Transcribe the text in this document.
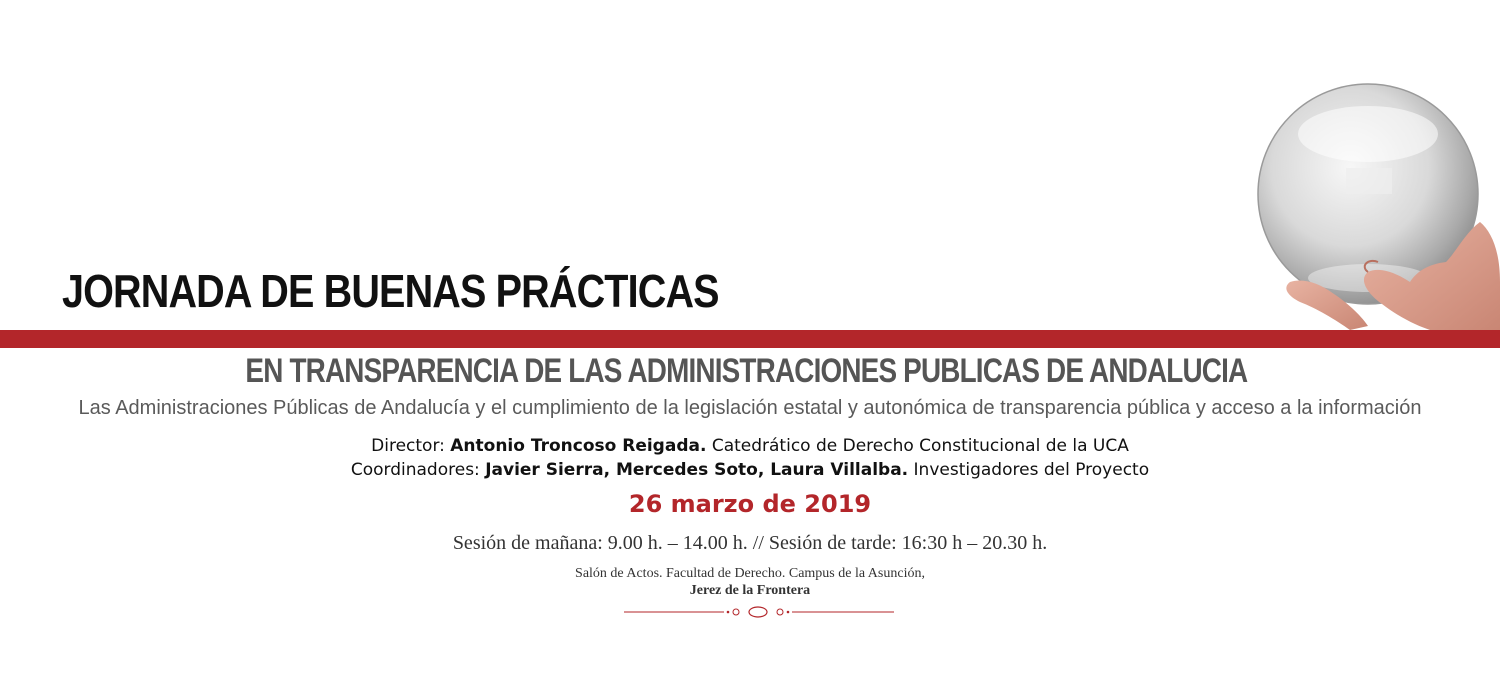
JORNADA DE BUENAS PRÁCTICAS
EN TRANSPARENCIA DE LAS ADMINISTRACIONES PUBLICAS DE ANDALUCIA
Las Administraciones Públicas de Andalucía y el cumplimiento de la legislación estatal y autonómica de transparencia pública y acceso a la información
Director: Antonio Troncoso Reigada. Catedrático de Derecho Constitucional de la UCA
Coordinadores: Javier Sierra, Mercedes Soto, Laura Villalba. Investigadores del Proyecto
26 marzo de 2019
Sesión de mañana: 9.00 h. – 14.00 h. // Sesión de tarde: 16:30 h – 20.30 h.
Salón de Actos. Facultad de Derecho. Campus de la Asunción,
Jerez de la Frontera
